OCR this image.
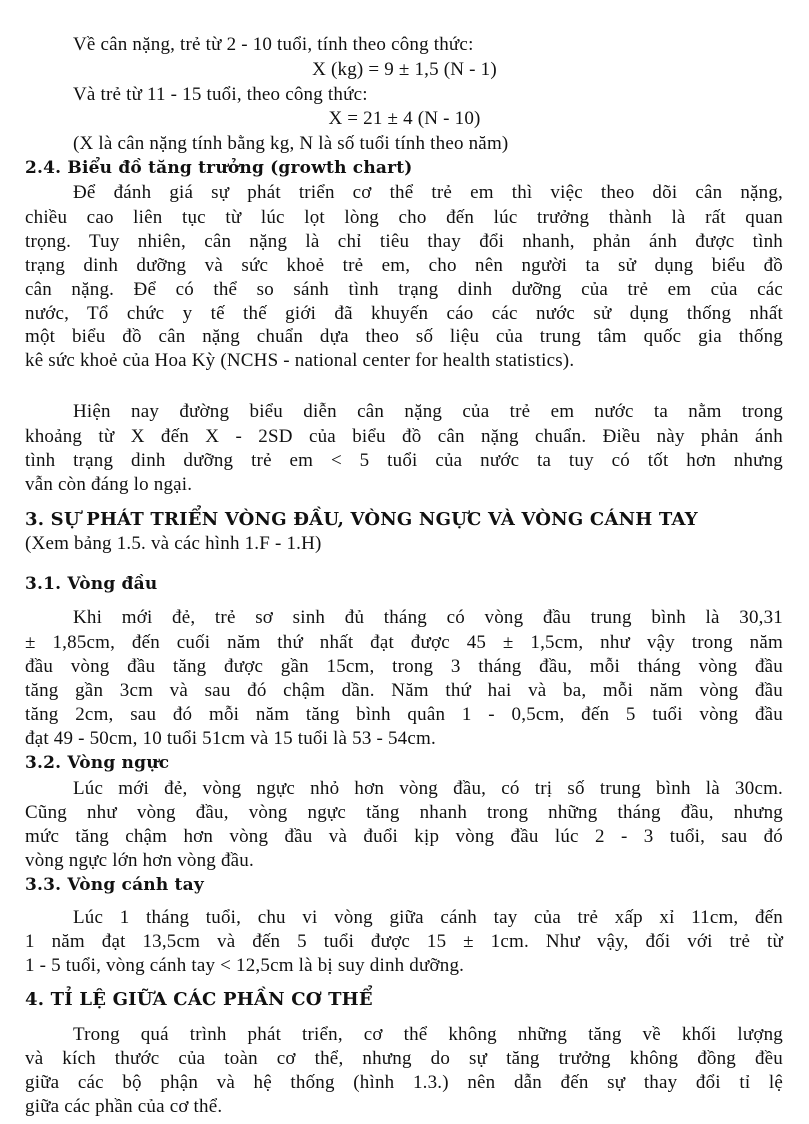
Về cân nặng, trẻ từ 2 - 10 tuổi, tính theo công thức:
X (kg) = 9 ± 1,5 (N - 1)
Và trẻ từ 11 - 15 tuổi, theo công thức:
X = 21 ± 4 (N - 10)
(X là cân nặng tính bằng kg, N là số tuổi tính theo năm)
2.4. Biểu đồ tăng trưởng (growth chart)
Để đánh giá sự phát triển cơ thể trẻ em thì việc theo dõi cân nặng,
chiều cao liên tục từ lúc lọt lòng cho đến lúc trưởng thành là rất quan
trọng. Tuy nhiên, cân nặng là chỉ tiêu thay đổi nhanh, phản ánh được tình
trạng dinh dưỡng và sức khoẻ trẻ em, cho nên người ta sử dụng biểu đồ
cân nặng. Để có thể so sánh tình trạng dinh dưỡng của trẻ em của các
nước, Tổ chức y tế thế giới đã khuyến cáo các nước sử dụng thống nhất
một biểu đồ cân nặng chuẩn dựa theo số liệu của trung tâm quốc gia thống
kê sức khoẻ của Hoa Kỳ (NCHS - national center for health statistics).
Hiện nay đường biểu diễn cân nặng của trẻ em nước ta nằm trong
khoảng từ X đến X - 2SD của biểu đồ cân nặng chuẩn. Điều này phản ánh
tình trạng dinh dưỡng trẻ em < 5 tuổi của nước ta tuy có tốt hơn nhưng
vẫn còn đáng lo ngại.
3. SỰ PHÁT TRIỂN VÒNG ĐẦU, VÒNG NGỰC VÀ VÒNG CÁNH TAY
(Xem bảng 1.5. và các hình 1.F - 1.H)
3.1. Vòng đầu
Khi mới đẻ, trẻ sơ sinh đủ tháng có vòng đầu trung bình là 30,31
± 1,85cm, đến cuối năm thứ nhất đạt được 45 ± 1,5cm, như vậy trong năm
đầu vòng đầu tăng được gần 15cm, trong 3 tháng đầu, mỗi tháng vòng đầu
tăng gần 3cm và sau đó chậm dần. Năm thứ hai và ba, mỗi năm vòng đầu
tăng 2cm, sau đó mỗi năm tăng bình quân 1 - 0,5cm, đến 5 tuổi vòng đầu
đạt 49 - 50cm, 10 tuổi 51cm và 15 tuổi là 53 - 54cm.
3.2. Vòng ngực
Lúc mới đẻ, vòng ngực nhỏ hơn vòng đầu, có trị số trung bình là 30cm.
Cũng như vòng đầu, vòng ngực tăng nhanh trong những tháng đầu, nhưng
mức tăng chậm hơn vòng đầu và đuổi kịp vòng đầu lúc 2 - 3 tuổi, sau đó
vòng ngực lớn hơn vòng đầu.
3.3. Vòng cánh tay
Lúc 1 tháng tuổi, chu vi vòng giữa cánh tay của trẻ xấp xỉ 11cm, đến
1 năm đạt 13,5cm và đến 5 tuổi được 15 ± 1cm. Như vậy, đối với trẻ từ
1 - 5 tuổi, vòng cánh tay < 12,5cm là bị suy dinh dưỡng.
4. TỈ LỆ GIỮA CÁC PHẦN CƠ THỂ
Trong quá trình phát triển, cơ thể không những tăng về khối lượng
và kích thước của toàn cơ thể, nhưng do sự tăng trưởng không đồng đều
giữa các bộ phận và hệ thống (hình 1.3.) nên dẫn đến sự thay đổi tỉ lệ
giữa các phần của cơ thể.
